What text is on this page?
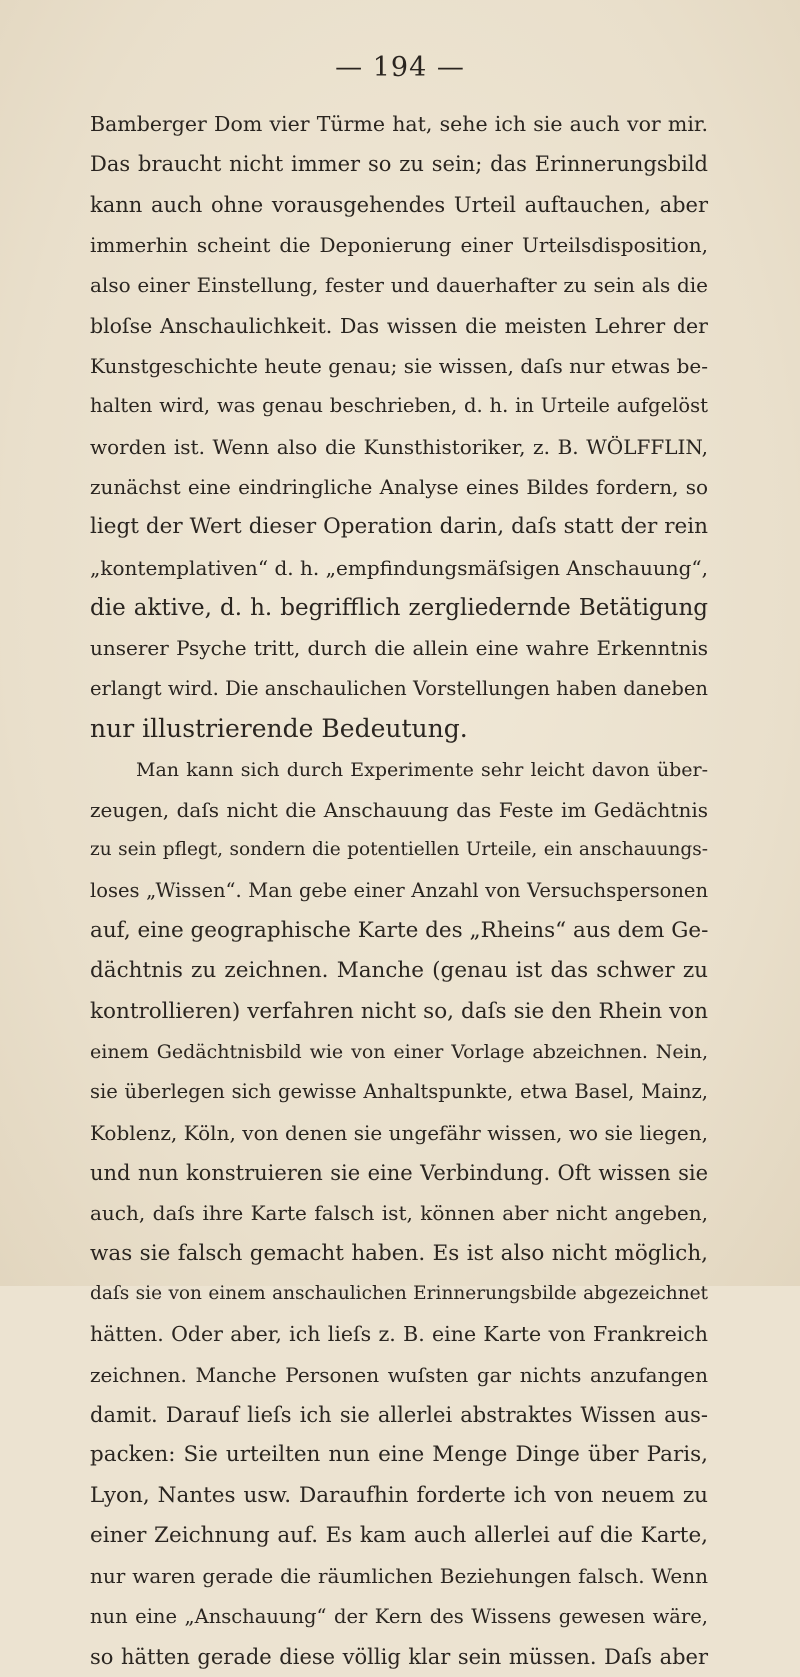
— 194 —
Bamberger Dom vier Türme hat, sehe ich sie auch vor mir.
Das braucht nicht immer so zu sein; das Erinnerungsbild
kann auch ohne vorausgehendes Urteil auftauchen, aber
immerhin scheint die Deponierung einer Urteilsdisposition,
also einer Einstellung, fester und dauerhafter zu sein als die
bloſse Anschaulichkeit. Das wissen die meisten Lehrer der
Kunstgeschichte heute genau; sie wissen, daſs nur etwas be-
halten wird, was genau beschrieben, d. h. in Urteile aufgelöst
worden ist. Wenn also die Kunsthistoriker, z. B. WÖLFFLIN,
zunächst eine eindringliche Analyse eines Bildes fordern, so
liegt der Wert dieser Operation darin, daſs statt der rein
„kontemplativen“ d. h. „empfindungsmäſsigen Anschauung“,
die aktive, d. h. begrifflich zergliedernde Betätigung
unserer Psyche tritt, durch die allein eine wahre Erkenntnis
erlangt wird. Die anschaulichen Vorstellungen haben daneben
nur illustrierende Bedeutung.
Man kann sich durch Experimente sehr leicht davon über-
zeugen, daſs nicht die Anschauung das Feste im Gedächtnis
zu sein pflegt, sondern die potentiellen Urteile, ein anschauungs-
loses „Wissen“. Man gebe einer Anzahl von Versuchspersonen
auf, eine geographische Karte des „Rheins“ aus dem Ge-
dächtnis zu zeichnen. Manche (genau ist das schwer zu
kontrollieren) verfahren nicht so, daſs sie den Rhein von
einem Gedächtnisbild wie von einer Vorlage abzeichnen. Nein,
sie überlegen sich gewisse Anhaltspunkte, etwa Basel, Mainz,
Koblenz, Köln, von denen sie ungefähr wissen, wo sie liegen,
und nun konstruieren sie eine Verbindung. Oft wissen sie
auch, daſs ihre Karte falsch ist, können aber nicht angeben,
was sie falsch gemacht haben. Es ist also nicht möglich,
daſs sie von einem anschaulichen Erinnerungsbilde abgezeichnet
hätten. Oder aber, ich lieſs z. B. eine Karte von Frankreich
zeichnen. Manche Personen wuſsten gar nichts anzufangen
damit. Darauf lieſs ich sie allerlei abstraktes Wissen aus-
packen: Sie urteilten nun eine Menge Dinge über Paris,
Lyon, Nantes usw. Daraufhin forderte ich von neuem zu
einer Zeichnung auf. Es kam auch allerlei auf die Karte,
nur waren gerade die räumlichen Beziehungen falsch. Wenn
nun eine „Anschauung“ der Kern des Wissens gewesen wäre,
so hätten gerade diese völlig klar sein müssen. Daſs aber
